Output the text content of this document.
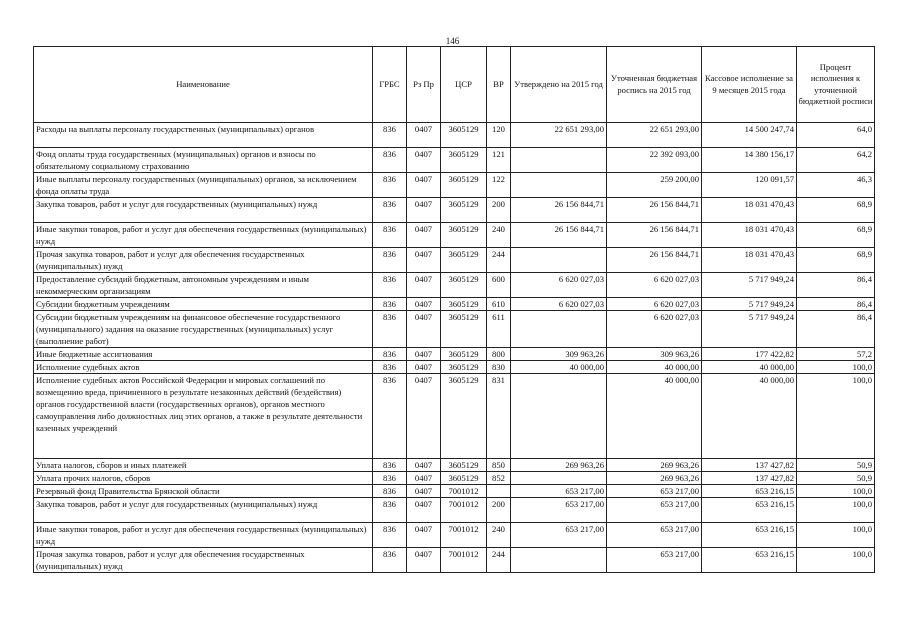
146
Наименование	ГРБС	Рз Пр	ЦСР	ВР	Утверждено на 2015 год	Уточненная бюджетная роспись на 2015 год	Кассовое исполнение за 9 месяцев 2015 года	Процент исполнения к уточненной бюджетной росписи
Расходы на выплаты персоналу государственных (муниципальных) органов	836	0407	3605129	120	22 651 293,00	22 651 293,00	14 500 247,74	64,0
Фонд оплаты труда государственных (муниципальных) органов и взносы по обязательному социальному страхованию	836	0407	3605129	121		22 392 093,00	14 380 156,17	64,2
Иные выплаты персоналу государственных (муниципальных) органов, за исключением фонда оплаты труда	836	0407	3605129	122		259 200,00	120 091,57	46,3
Закупка товаров, работ и услуг для государственных (муниципальных) нужд	836	0407	3605129	200	26 156 844,71	26 156 844,71	18 031 470,43	68,9
Иные закупки товаров, работ и услуг для обеспечения государственных (муниципальных) нужд	836	0407	3605129	240	26 156 844,71	26 156 844,71	18 031 470,43	68,9
Прочая закупка товаров, работ и услуг для обеспечения государственных (муниципальных) нужд	836	0407	3605129	244		26 156 844,71	18 031 470,43	68,9
Предоставление субсидий бюджетным, автономным учреждениям и иным некоммерческим организациям	836	0407	3605129	600	6 620 027,03	6 620 027,03	5 717 949,24	86,4
Субсидии бюджетным учреждениям	836	0407	3605129	610	6 620 027,03	6 620 027,03	5 717 949,24	86,4
Субсидии бюджетным учреждениям на финансовое обеспечение государственного (муниципального) задания на оказание государственных (муниципальных) услуг (выполнение работ)	836	0407	3605129	611		6 620 027,03	5 717 949,24	86,4
Иные бюджетные ассигнования	836	0407	3605129	800	309 963,26	309 963,26	177 422,82	57,2
Исполнение судебных актов	836	0407	3605129	830	40 000,00	40 000,00	40 000,00	100,0
Исполнение судебных актов Российской Федерации и мировых соглашений по возмещению вреда, причиненного в результате незаконных действий (бездействия) органов государственной власти (государственных органов), органов местного самоуправления либо должностных лиц этих органов, а также в результате деятельности казенных учреждений	836	0407	3605129	831		40 000,00	40 000,00	100,0
Уплата налогов, сборов и иных платежей	836	0407	3605129	850	269 963,26	269 963,26	137 427,82	50,9
Уплата прочих налогов, сборов	836	0407	3605129	852		269 963,26	137 427,82	50,9
Резервный фонд Правительства Брянской области	836	0407	7001012		653 217,00	653 217,00	653 216,15	100,0
Закупка товаров, работ и услуг для государственных (муниципальных) нужд	836	0407	7001012	200	653 217,00	653 217,00	653 216,15	100,0
Иные закупки товаров, работ и услуг для обеспечения государственных (муниципальных) нужд	836	0407	7001012	240	653 217,00	653 217,00	653 216,15	100,0
Прочая закупка товаров, работ и услуг для обеспечения государственных (муниципальных) нужд	836	0407	7001012	244		653 217,00	653 216,15	100,0
